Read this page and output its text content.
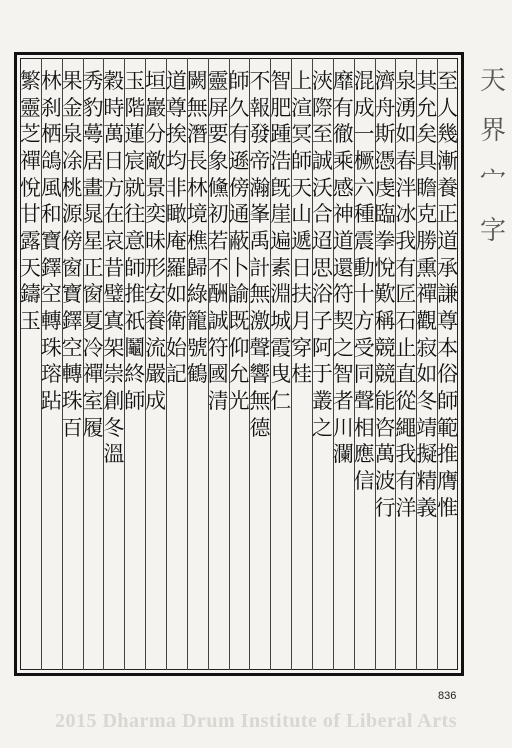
至
人
幾
漸
養
正
道
承
謙
尊
本
俗
師
範
推
膺
惟
其
允
矣
具
瞻
克
勝
熏
禪
觀
寂
如
冬
靖
擬
精
義
泉
湧
如
春
泮
冰
我
有
匠
石
止
直
從
繩
我
有
洋
濟
舟
斯
憑
虔
臨
拳
悅
歎
稱
競
競
能
咨
萬
波
行
混
成
一
橛
六
種
震
動
十
方
受
同
聲
相
應
信
靡
有
徹
乘
感
神
道
還
符
契
之
智
者
川
瀾
浹
際
至
誠
沃
合
迢
思
浴
子
阿
于
叢
之
上
渲
冥
師
天
山
遞
日
扶
月
穿
桂
智
肥
踵
浩
旣
崖
遍
素
淵
城
霞
曳
仁
不
報
發
帝
瀚
峯
禹
計
無
激
聲
響
無
德
師
久
有
遜
傍
通
蔽
卜
諭
既
仰
允
光
靈
屏
要
象
儵
初
若
不
酬
誠
符
國
清
闕
無
潛
長
林
境
樵
歸
綠
籠
號
鶴
道
尊
挨
均
非
瞰
庵
羅
如
衛
始
記
垣
巖
分
敵
景
奕
昧
形
安
養
流
嚴
成
玉
階
蓮
宸
就
往
意
師
推
祇
鬮
終
師
穀
時
萬
日
方
在
哀
昔
璧
寘
架
崇
創
冬
溫
秀
豹
蕚
居
畫
晁
星
正
窗
夏
冷
禪
室
履
果
金
泉
凃
桃
源
傍
窗
寶
鐸
空
轉
珠
百
林
刹
栖
鴿
風
和
寶
鐸
空
轉
珠
瑢
跕
繁
靈
芝
禪
悅
甘
露
天
鑄
玉
天
界
宀
字
836
2015 Dharma Drum Institute of Liberal Arts
